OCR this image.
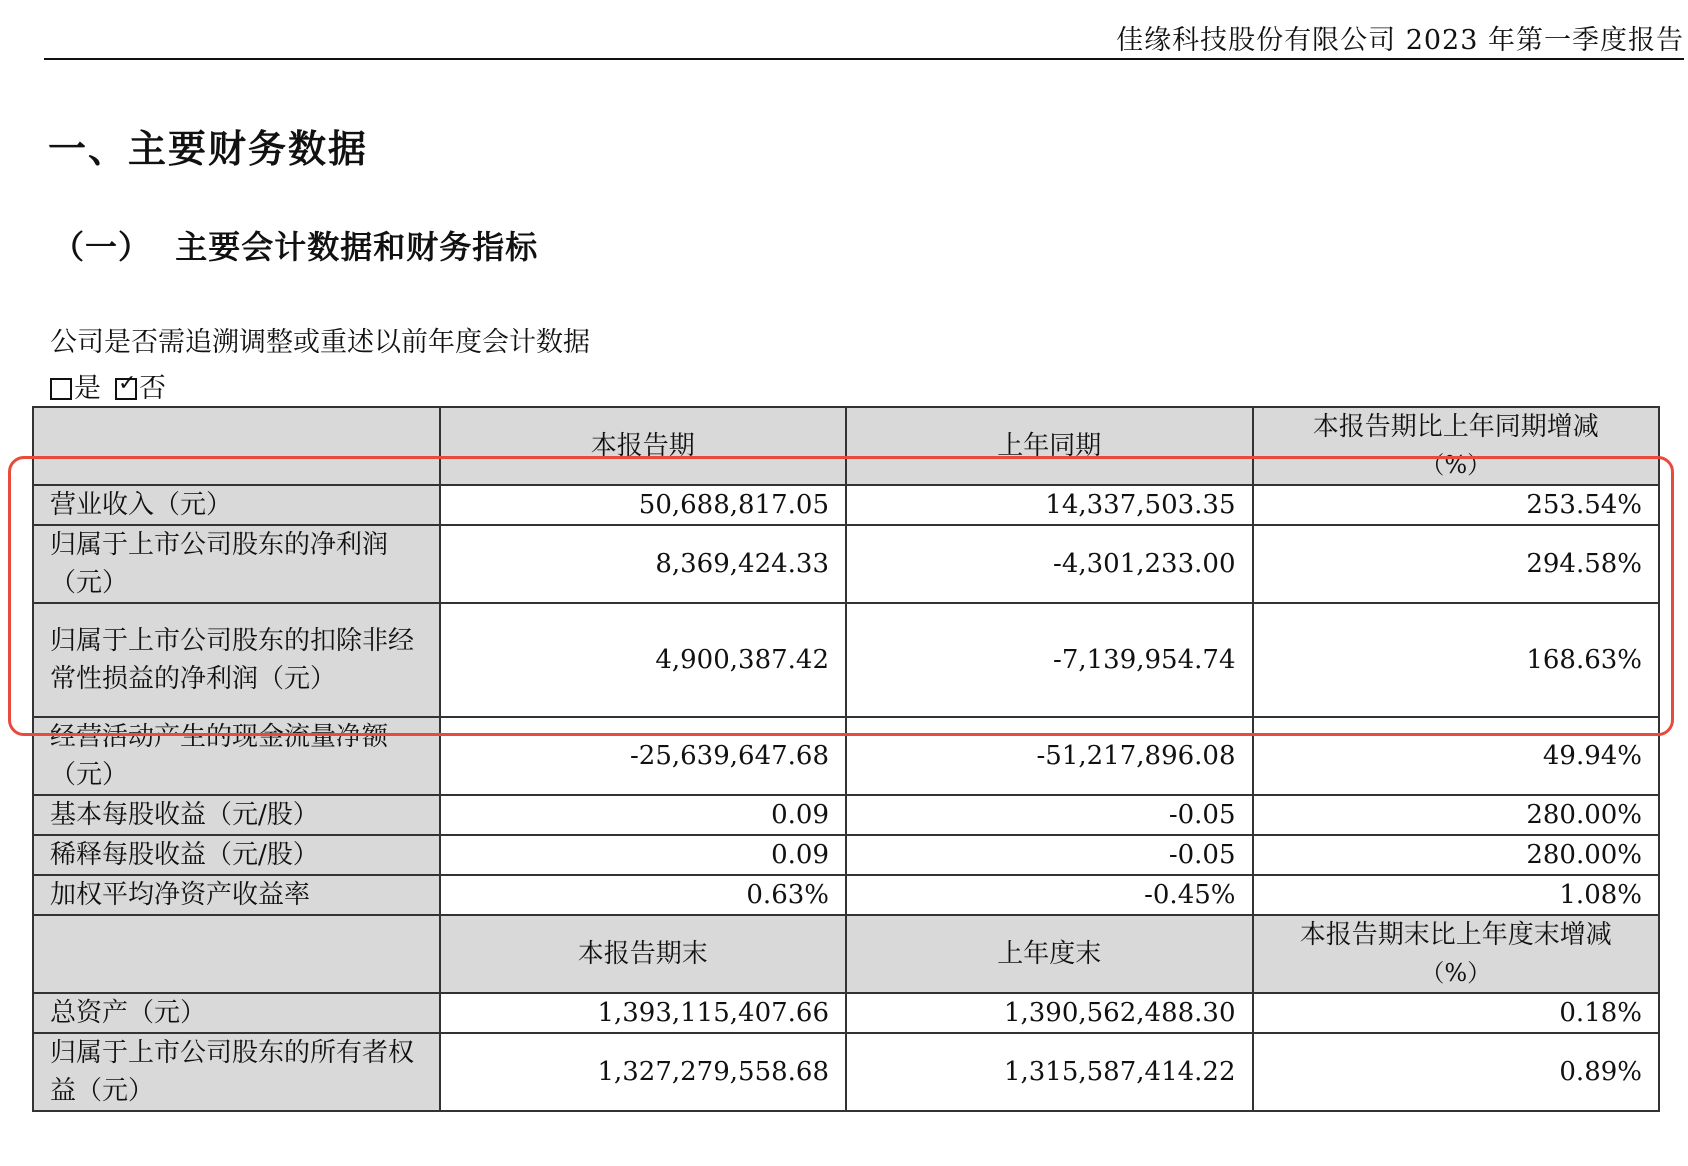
佳缘科技股份有限公司 2023 年第一季度报告
一、主要财务数据
（一）  主要会计数据和财务指标
公司是否需追溯调整或重述以前年度会计数据
是 ✓	否
	本报告期	上年同期	本报告期比上年同期增减
（%）

营业收入（元）	50,688,817.05	14,337,503.35	253.54%
归属于上市公司股东的净利润（元）	8,369,424.33	-4,301,233.00	294.58%
归属于上市公司股东的扣除非经常性损益的净利润（元）	4,900,387.42	-7,139,954.74	168.63%
经营活动产生的现金流量净额（元）	-25,639,647.68	-51,217,896.08	49.94%
基本每股收益（元/股）	0.09	-0.05	280.00%
稀释每股收益（元/股）	0.09	-0.05	280.00%
加权平均净资产收益率	0.63%	-0.45%	1.08%
	本报告期末	上年度末	本报告期末比上年度末增减
（%）

总资产（元）	1,393,115,407.66	1,390,562,488.30	0.18%
归属于上市公司股东的所有者权益（元）	1,327,279,558.68	1,315,587,414.22	0.89%
